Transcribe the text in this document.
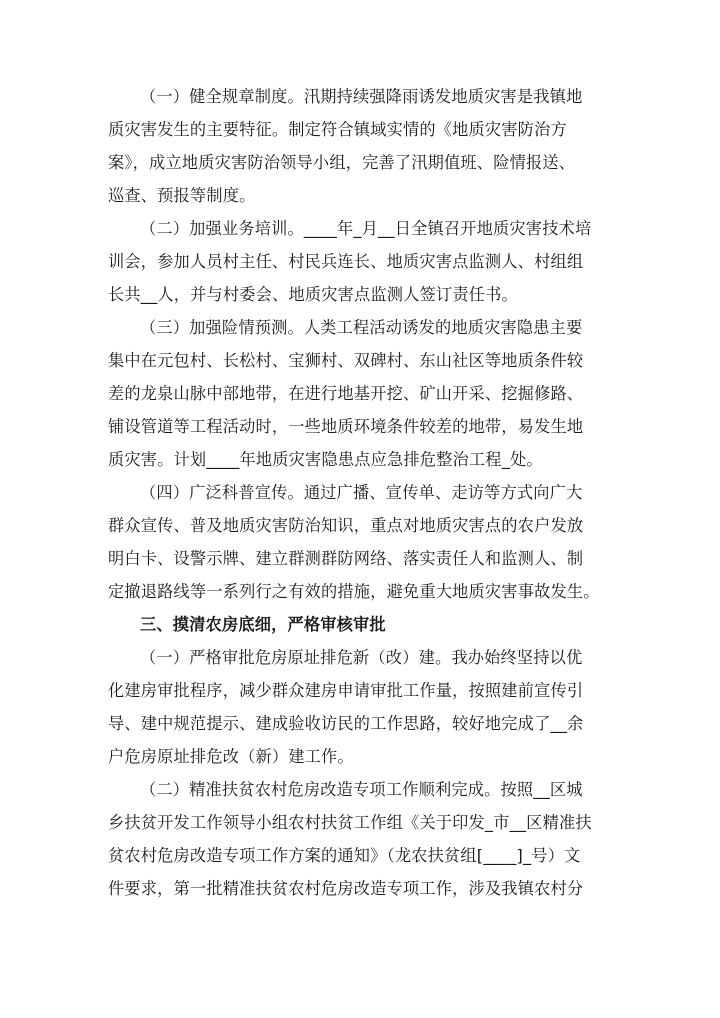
（一）健全规章制度。汛期持续强降雨诱发地质灾害是我镇地
质灾害发生的主要特征。制定符合镇域实情的《地质灾害防治方
案》，成立地质灾害防治领导小组，完善了汛期值班、险情报送、
巡查、预报等制度。
（二）加强业务培训。____年_月__日全镇召开地质灾害技术培
训会，参加人员村主任、村民兵连长、地质灾害点监测人、村组组
长共__人，并与村委会、地质灾害点监测人签订责任书。
（三）加强险情预测。人类工程活动诱发的地质灾害隐患主要
集中在元包村、长松村、宝狮村、双碑村、东山社区等地质条件较
差的龙泉山脉中部地带，在进行地基开挖、矿山开采、挖掘修路、
铺设管道等工程活动时，一些地质环境条件较差的地带，易发生地
质灾害。计划____年地质灾害隐患点应急排危整治工程_处。
（四）广泛科普宣传。通过广播、宣传单、走访等方式向广大
群众宣传、普及地质灾害防治知识，重点对地质灾害点的农户发放
明白卡、设警示牌、建立群测群防网络、落实责任人和监测人、制
定撤退路线等一系列行之有效的措施，避免重大地质灾害事故发生。
三、摸清农房底细，严格审核审批
（一）严格审批危房原址排危新（改）建。我办始终坚持以优
化建房审批程序，减少群众建房申请审批工作量，按照建前宣传引
导、建中规范提示、建成验收访民的工作思路，较好地完成了__余
户危房原址排危改（新）建工作。
（二）精准扶贫农村危房改造专项工作顺利完成。按照__区城
乡扶贫开发工作领导小组农村扶贫工作组《关于印发_市__区精准扶
贫农村危房改造专项工作方案的通知》（龙农扶贫组[____]_号）文
件要求，第一批精准扶贫农村危房改造专项工作，涉及我镇农村分
